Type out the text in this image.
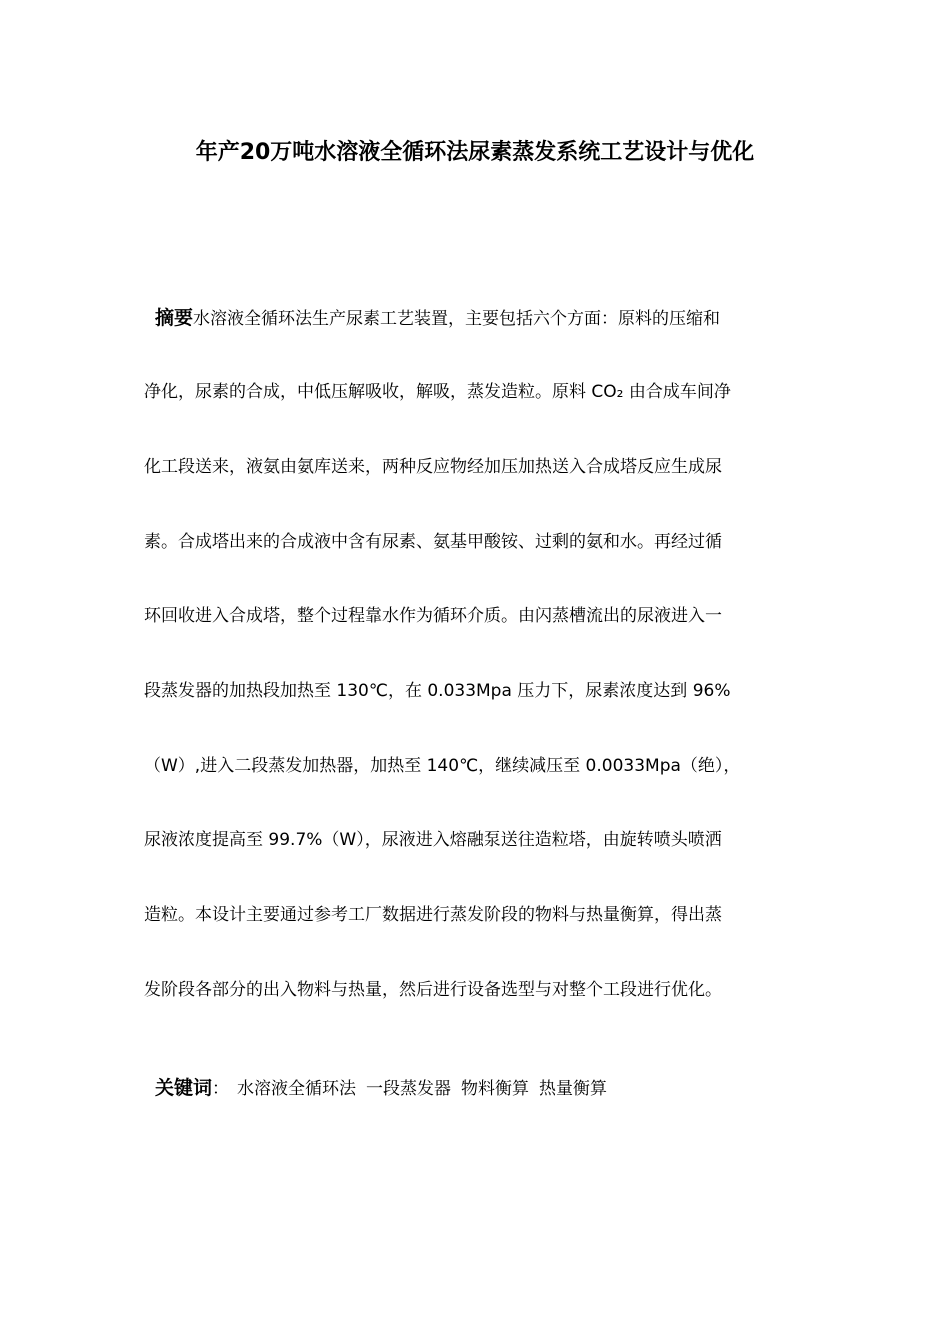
年产20万吨水溶液全循环法尿素蒸发系统工艺设计与优化
摘要水溶液全循环法生产尿素工艺装置，主要包括六个方面：原料的压缩和
净化，尿素的合成，中低压解吸收，解吸，蒸发造粒。原料 CO₂ 由合成车间净
化工段送来，液氨由氨库送来，两种反应物经加压加热送入合成塔反应生成尿
素。合成塔出来的合成液中含有尿素、氨基甲酸铵、过剩的氨和水。再经过循
环回收进入合成塔，整个过程靠水作为循环介质。由闪蒸槽流出的尿液进入一
段蒸发器的加热段加热至 130℃，在 0.033Mpa 压力下，尿素浓度达到 96%
（W）,进入二段蒸发加热器，加热至 140℃，继续减压至 0.0033Mpa（绝），
尿液浓度提高至 99.7%（W），尿液进入熔融泵送往造粒塔，由旋转喷头喷洒
造粒。本设计主要通过参考工厂数据进行蒸发阶段的物料与热量衡算，得出蒸
发阶段各部分的出入物料与热量，然后进行设备选型与对整个工段进行优化。
关键词： 水溶液全循环法 一段蒸发器 物料衡算 热量衡算
